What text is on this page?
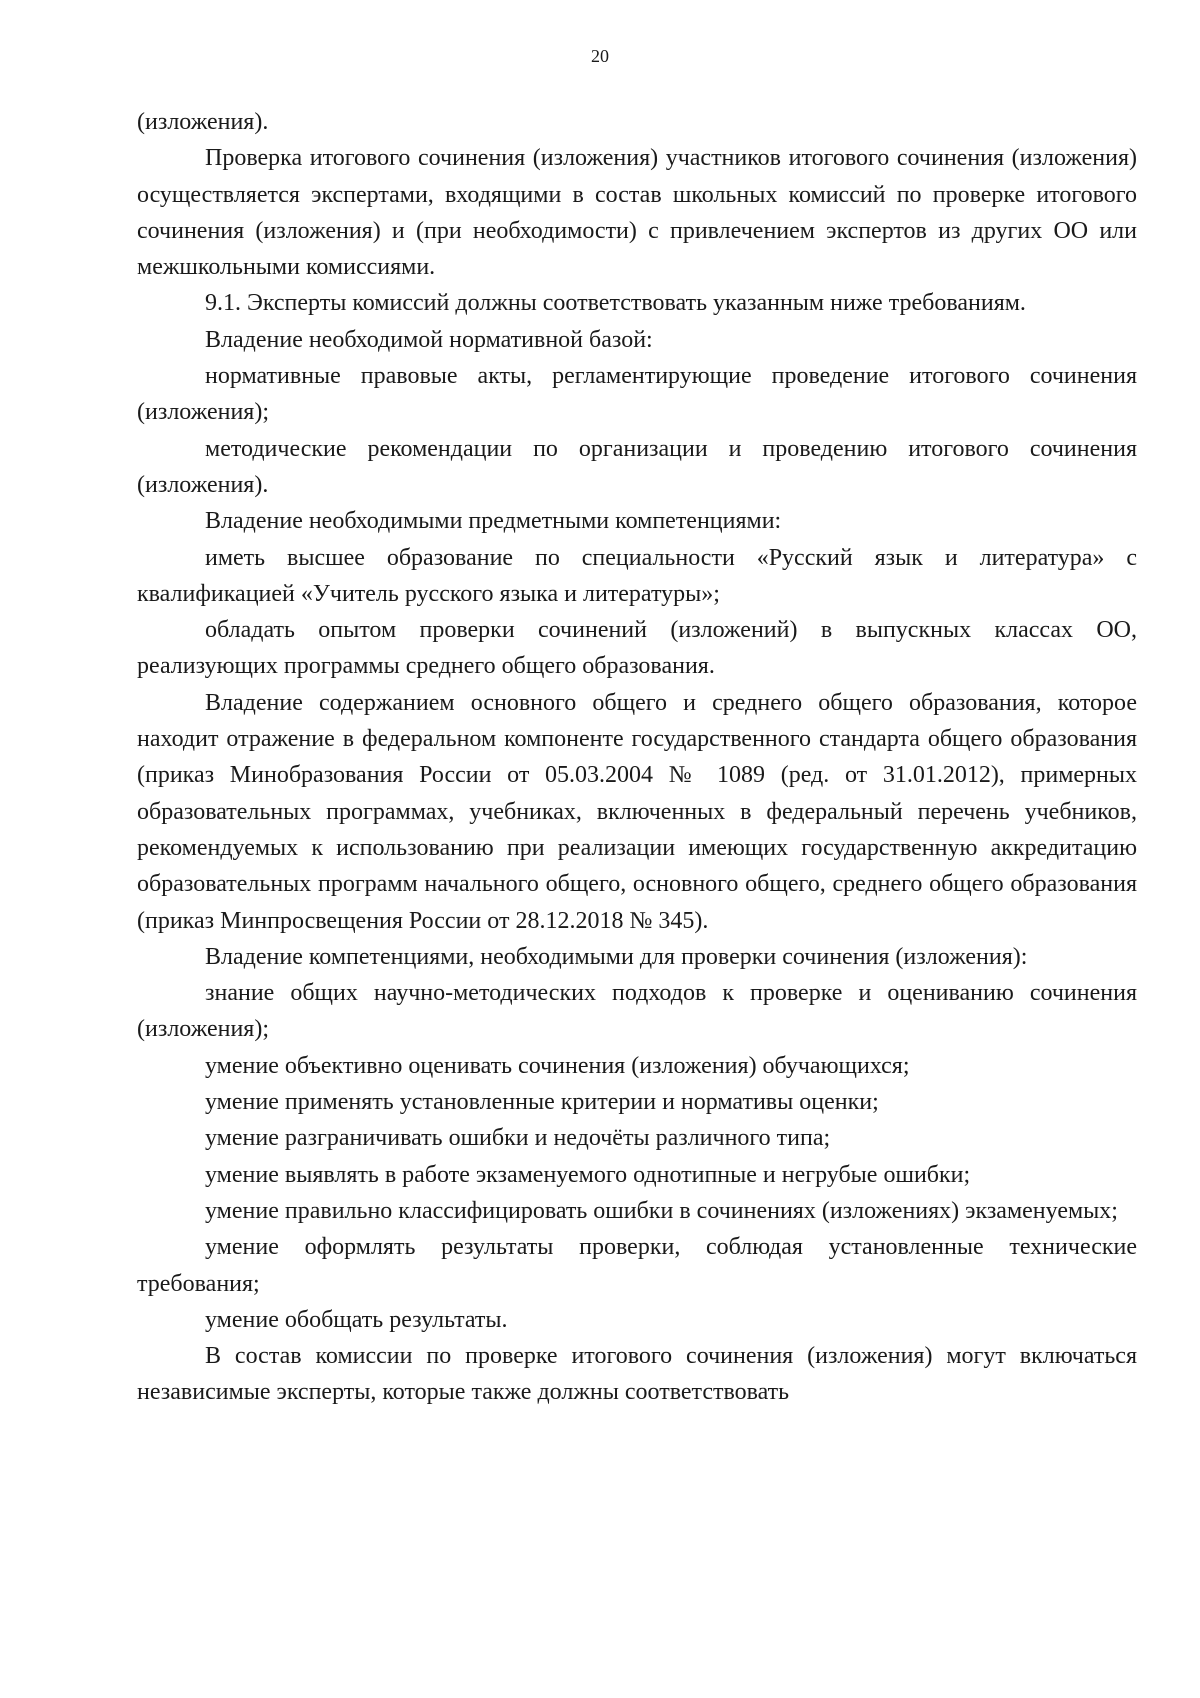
20

(изложения).

Проверка итогового сочинения (изложения) участников итогового сочинения (изложения) осуществляется экспертами, входящими в состав школьных комиссий по проверке итогового сочинения (изложения) и (при необходимости) с привлечением экспертов из других ОО или межшкольными комиссиями.

9.1. Эксперты комиссий должны соответствовать указанным ниже требованиям.

Владение необходимой нормативной базой:

нормативные правовые акты, регламентирующие проведение итогового сочинения (изложения);

методические рекомендации по организации и проведению итогового сочинения (изложения).

Владение необходимыми предметными компетенциями:

иметь высшее образование по специальности «Русский язык и литература» с квалификацией «Учитель русского языка и литературы»;

обладать опытом проверки сочинений (изложений) в выпускных классах ОО, реализующих программы среднего общего образования.

Владение содержанием основного общего и среднего общего образования, которое находит отражение в федеральном компоненте государственного стандарта общего образования (приказ Минобразования России от 05.03.2004 № 1089 (ред. от 31.01.2012), примерных образовательных программах, учебниках, включенных в федеральный перечень учебников, рекомендуемых к использованию при реализации имеющих государственную аккредитацию образовательных программ начального общего, основного общего, среднего общего образования (приказ Минпросвещения России от 28.12.2018 № 345).

Владение компетенциями, необходимыми для проверки сочинения (изложения):

знание общих научно-методических подходов к проверке и оцениванию сочинения (изложения);

умение объективно оценивать сочинения (изложения) обучающихся;

умение применять установленные критерии и нормативы оценки;

умение разграничивать ошибки и недочёты различного типа;

умение выявлять в работе экзаменуемого однотипные и негрубые ошибки;

умение правильно классифицировать ошибки в сочинениях (изложениях) экзаменуемых;

умение оформлять результаты проверки, соблюдая установленные технические требования;

умение обобщать результаты.

В состав комиссии по проверке итогового сочинения (изложения) могут включаться независимые эксперты, которые также должны соответствовать
